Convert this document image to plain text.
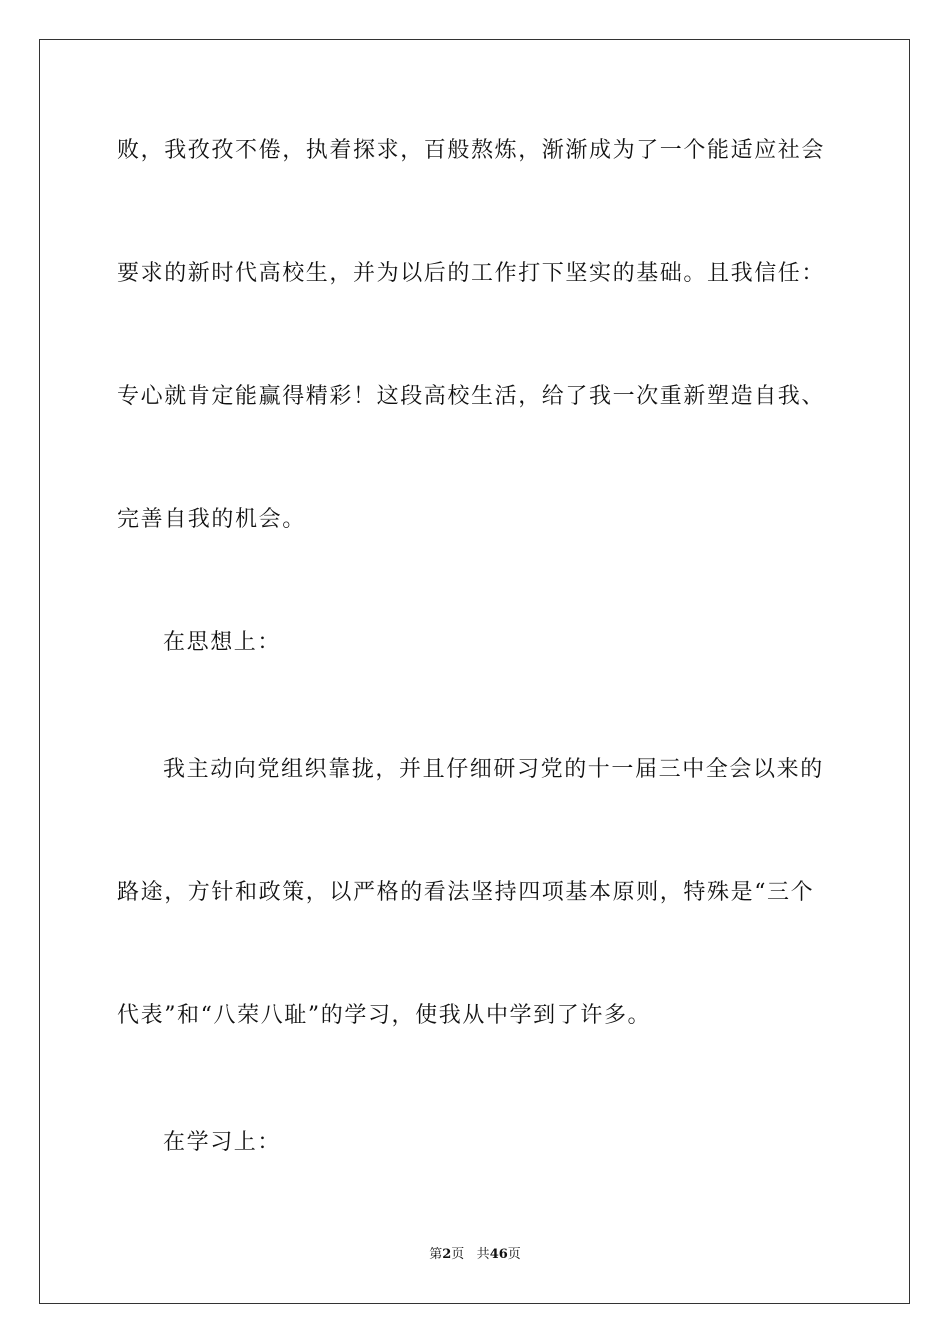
败，我孜孜不倦，执着探求，百般熬炼，渐渐成为了一个能适应社会
要求的新时代高校生，并为以后的工作打下坚实的基础。且我信任：
专心就肯定能赢得精彩！这段高校生活，给了我一次重新塑造自我、
完善自我的机会。
在思想上：
我主动向党组织靠拢，并且仔细研习党的十一届三中全会以来的
路途，方针和政策，以严格的看法坚持四项基本原则，特殊是“三个
代表”和“八荣八耻”的学习，使我从中学到了许多。
在学习上：
第2页 共46页
